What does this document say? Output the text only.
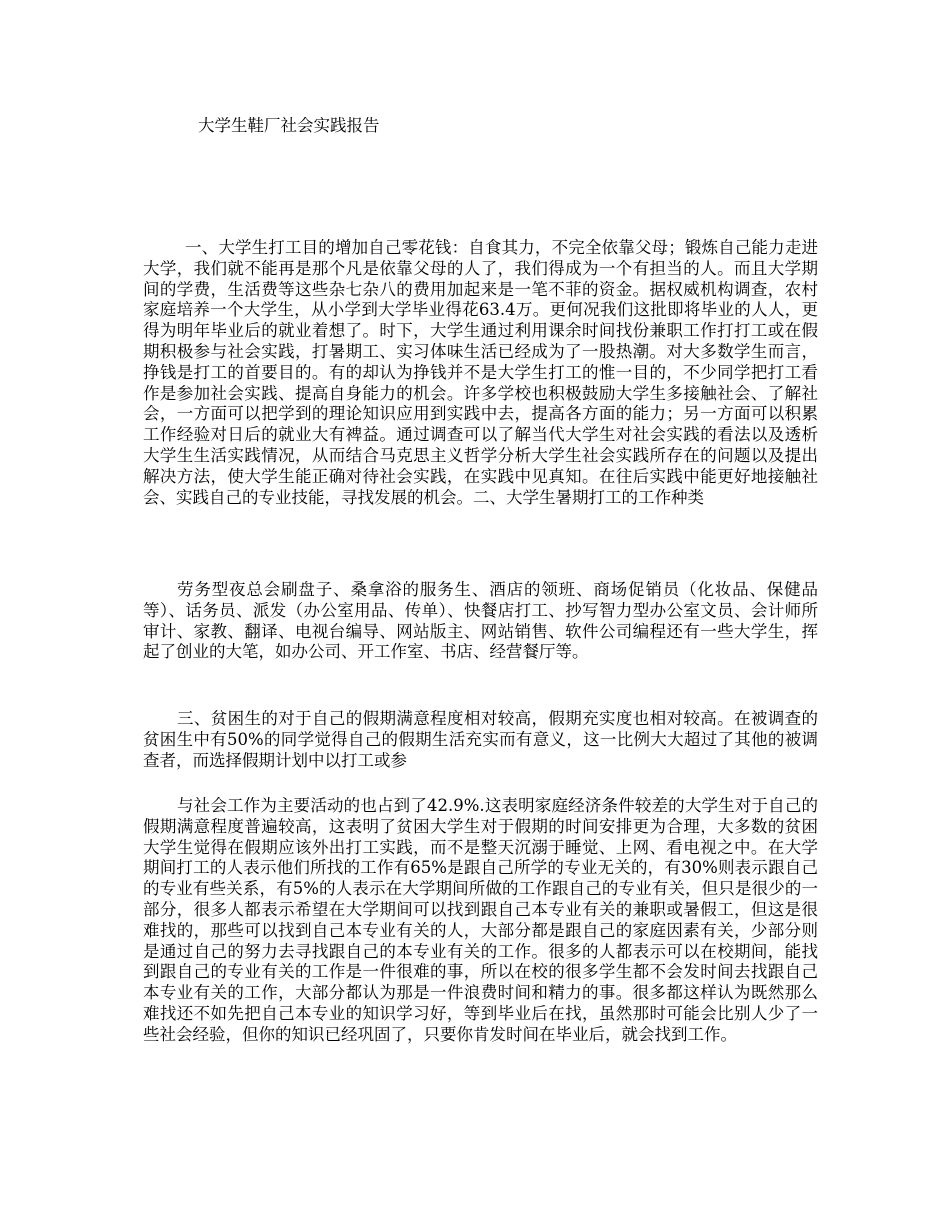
大学生鞋厂社会实践报告

一、大学生打工目的增加自己零花钱：自食其力，不完全依靠父母；锻炼自己能力走进大学，我们就不能再是那个凡是依靠父母的人了，我们得成为一个有担当的人。而且大学期间的学费，生活费等这些杂七杂八的费用加起来是一笔不菲的资金。据权威机构调查，农村家庭培养一个大学生，从小学到大学毕业得花63.4万。更何况我们这批即将毕业的人人，更得为明年毕业后的就业着想了。时下，大学生通过利用课余时间找份兼职工作打打工或在假期积极参与社会实践，打暑期工、实习体味生活已经成为了一股热潮。对大多数学生而言，挣钱是打工的首要目的。有的却认为挣钱并不是大学生打工的惟一目的，不少同学把打工看作是参加社会实践、提高自身能力的机会。许多学校也积极鼓励大学生多接触社会、了解社会，一方面可以把学到的理论知识应用到实践中去，提高各方面的能力；另一方面可以积累工作经验对日后的就业大有裨益。通过调查可以了解当代大学生对社会实践的看法以及透析大学生生活实践情况，从而结合马克思主义哲学分析大学生社会实践所存在的问题以及提出解决方法，使大学生能正确对待社会实践，在实践中见真知。在往后实践中能更好地接触社会、实践自己的专业技能，寻找发展的机会。二、大学生暑期打工的工作种类

劳务型夜总会刷盘子、桑拿浴的服务生、酒店的领班、商场促销员（化妆品、保健品等）、话务员、派发（办公室用品、传单）、快餐店打工、抄写智力型办公室文员、会计师所审计、家教、翻译、电视台编导、网站版主、网站销售、软件公司编程还有一些大学生，挥起了创业的大笔，如办公司、开工作室、书店、经营餐厅等。

三、贫困生的对于自己的假期满意程度相对较高，假期充实度也相对较高。在被调查的贫困生中有50%的同学觉得自己的假期生活充实而有意义，这一比例大大超过了其他的被调查者，而选择假期计划中以打工或参

与社会工作为主要活动的也占到了42.9%.这表明家庭经济条件较差的大学生对于自己的假期满意程度普遍较高，这表明了贫困大学生对于假期的时间安排更为合理，大多数的贫困大学生觉得在假期应该外出打工实践，而不是整天沉溺于睡觉、上网、看电视之中。在大学期间打工的人表示他们所找的工作有65%是跟自己所学的专业无关的，有30%则表示跟自己的专业有些关系，有5%的人表示在大学期间所做的工作跟自己的专业有关，但只是很少的一部分，很多人都表示希望在大学期间可以找到跟自己本专业有关的兼职或暑假工，但这是很难找的，那些可以找到自己本专业有关的人，大部分都是跟自己的家庭因素有关，少部分则是通过自己的努力去寻找跟自己的本专业有关的工作。很多的人都表示可以在校期间，能找到跟自己的专业有关的工作是一件很难的事，所以在校的很多学生都不会发时间去找跟自己本专业有关的工作，大部分都认为那是一件浪费时间和精力的事。很多都这样认为既然那么难找还不如先把自己本专业的知识学习好，等到毕业后在找，虽然那时可能会比别人少了一些社会经验，但你的知识已经巩固了，只要你肯发时间在毕业后，就会找到工作。
